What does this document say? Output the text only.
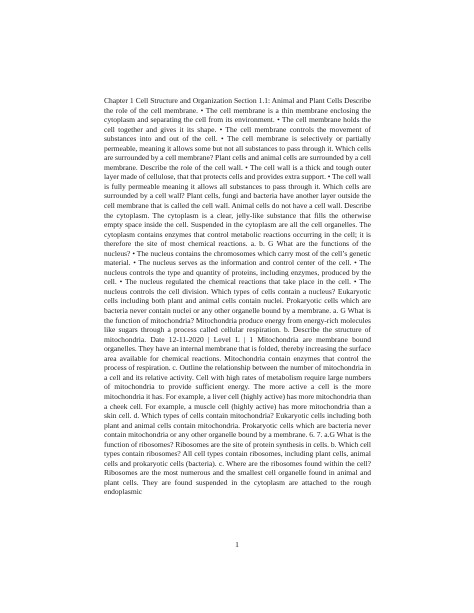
Chapter 1 Cell Structure and Organization Section 1.1: Animal and Plant Cells Describe the role of the cell membrane. • The cell membrane is a thin membrane enclosing the cytoplasm and separating the cell from its environment. • The cell membrane holds the cell together and gives it its shape. • The cell membrane controls the movement of substances into and out of the cell. • The cell membrane is selectively or partially permeable, meaning it allows some but not all substances to pass through it. Which cells are surrounded by a cell membrane? Plant cells and animal cells are surrounded by a cell membrane. Describe the role of the cell wall. • The cell wall is a thick and tough outer layer made of cellulose, that that protects cells and provides extra support. • The cell wall is fully permeable meaning it allows all substances to pass through it. Which cells are surrounded by a cell wall? Plant cells, fungi and bacteria have another layer outside the cell membrane that is called the cell wall. Animal cells do not have a cell wall. Describe the cytoplasm. The cytoplasm is a clear, jelly-like substance that fills the otherwise empty space inside the cell. Suspended in the cytoplasm are all the cell organelles. The cytoplasm contains enzymes that control metabolic reactions occurring in the cell; it is therefore the site of most chemical reactions. a. b. G What are the functions of the nucleus? • The nucleus contains the chromosomes which carry most of the cell’s genetic material. • The nucleus serves as the information and control center of the cell. • The nucleus controls the type and quantity of proteins, including enzymes, produced by the cell. • The nucleus regulated the chemical reactions that take place in the cell. • The nucleus controls the cell division. Which types of cells contain a nucleus? Eukaryotic cells including both plant and animal cells contain nuclei. Prokaryotic cells which are bacteria never contain nuclei or any other organelle bound by a membrane. a. G What is the function of mitochondria? Mitochondria produce energy from energy-rich molecules like sugars through a process called cellular respiration. b. Describe the structure of mitochondria. Date 12-11-2020 | Level L | 1 Mitochondria are membrane bound organelles. They have an internal membrane that is folded, thereby increasing the surface area available for chemical reactions. Mitochondria contain enzymes that control the process of respiration. c. Outline the relationship between the number of mitochondria in a cell and its relative activity. Cell with high rates of metabolism require large numbers of mitochondria to provide sufficient energy. The more active a cell is the more mitochondria it has. For example, a liver cell (highly active) has more mitochondria than a cheek cell. For example, a muscle cell (highly active) has more mitochondria than a skin cell. d. Which types of cells contain mitochondria? Eukaryotic cells including both plant and animal cells contain mitochondria. Prokaryotic cells which are bacteria never contain mitochondria or any other organelle bound by a membrane. 6. 7. a.G What is the function of ribosomes? Ribosomes are the site of protein synthesis in cells. b. Which cell types contain ribosomes? All cell types contain ribosomes, including plant cells, animal cells and prokaryotic cells (bacteria). c. Where are the ribosomes found within the cell? Ribosomes are the most numerous and the smallest cell organelle found in animal and plant cells. They are found suspended in the cytoplasm are attached to the rough endoplasmic

1
